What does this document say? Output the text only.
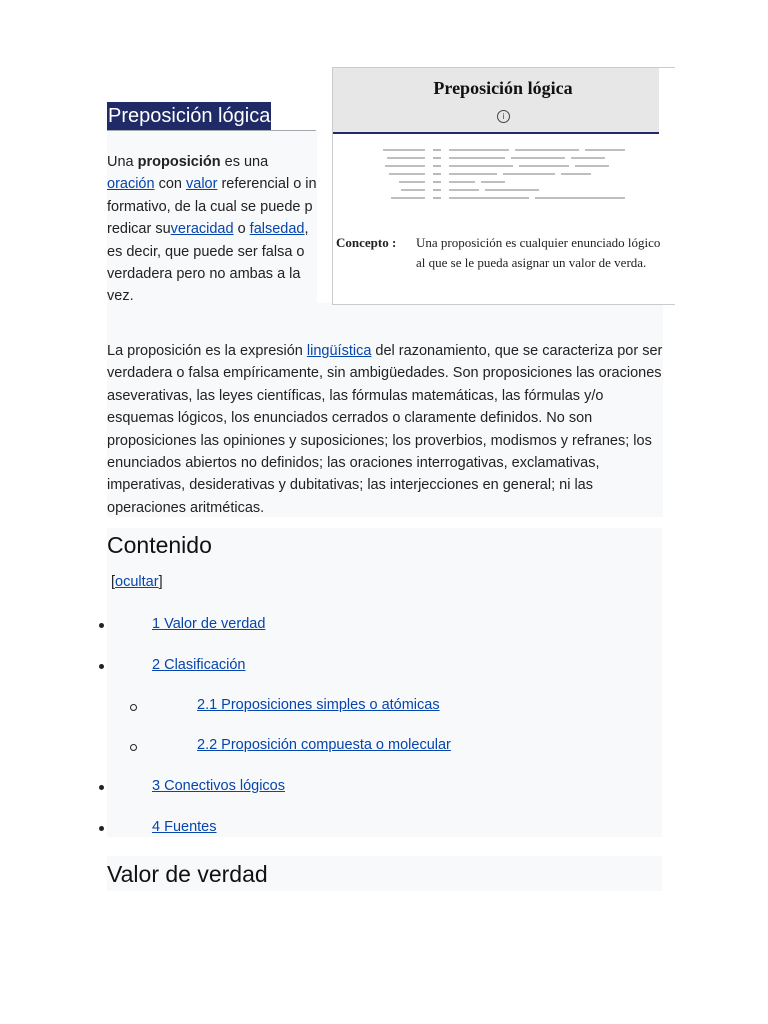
Preposición lógica
i
Concepto :	Una proposición es cualquier enunciado lógico al que se le pueda asignar un valor de verda.
Preposición lógica
Una proposición es una oración con valor referencial o informativo, de la cual se puede predicar suveracidad o falsedad, es decir, que puede ser falsa o verdadera pero no ambas a la vez.
La proposición es la expresión lingüística del razonamiento, que se caracteriza por ser verdadera o falsa empíricamente, sin ambigüedades. Son proposiciones las oraciones aseverativas, las leyes científicas, las fórmulas matemáticas, las fórmulas y/o esquemas lógicos, los enunciados cerrados o claramente definidos. No son proposiciones las opiniones y suposiciones; los proverbios, modismos y refranes; los enunciados abiertos no definidos; las oraciones interrogativas, exclamativas, imperativas, desiderativas y dubitativas; las interjecciones en general; ni las operaciones aritméticas.
Contenido
[ocultar]
1 Valor de verdad
2 Clasificación
2.1 Proposiciones simples o atómicas
2.2 Proposición compuesta o molecular
3 Conectivos lógicos
4 Fuentes
Valor de verdad
